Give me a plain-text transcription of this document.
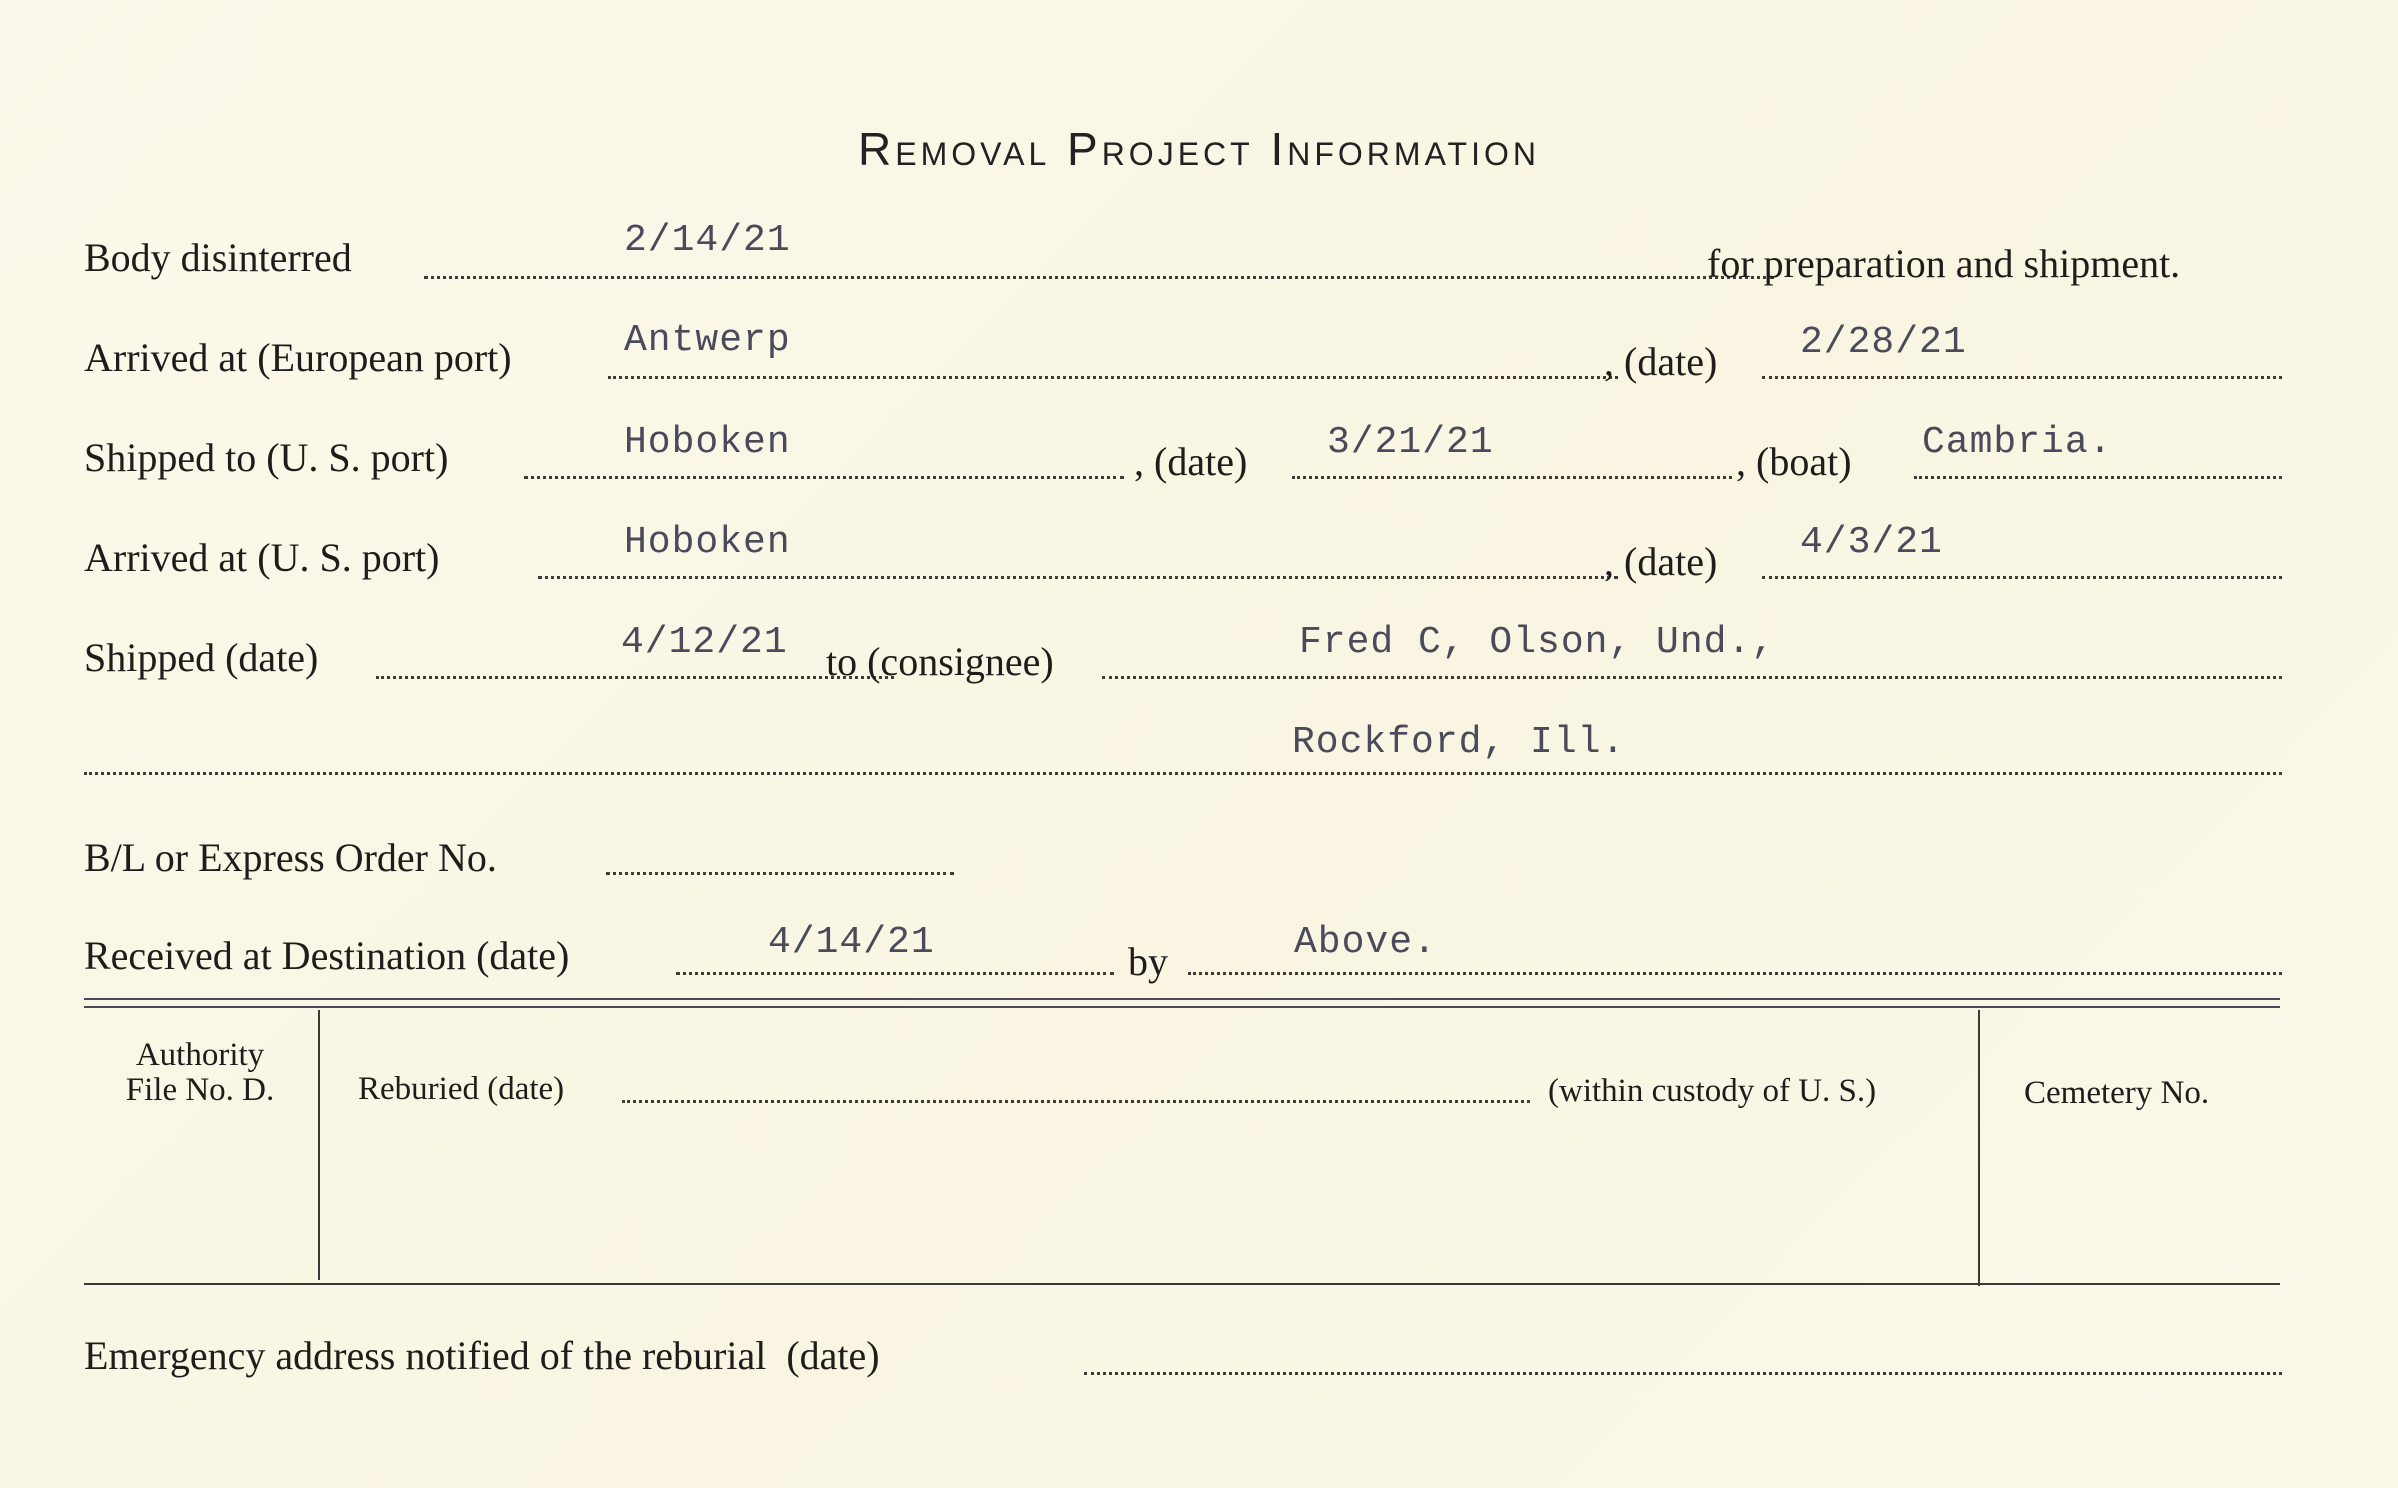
Removal Project Information
Body disinterred	2/14/21
for preparation and shipment.
Arrived at (European port)	Antwerp	, (date) 2/28/21
Shipped to (U. S. port)	Hoboken	, (date) 3/21/21	, (boat) Cambria.
Arrived at (U. S. port)	Hoboken	, (date) 4/3/21
Shipped (date)	4/12/21 to (consignee)	Fred C, Olson, Und.,
Rockford, Ill.
B/L or Express Order No.
Received at Destination (date)	4/14/21	by	Above.
Authority
File No. D.	Reburied (date)	(within custody of U. S.)	Cemetery No.
Emergency address notified of the reburial  (date)
